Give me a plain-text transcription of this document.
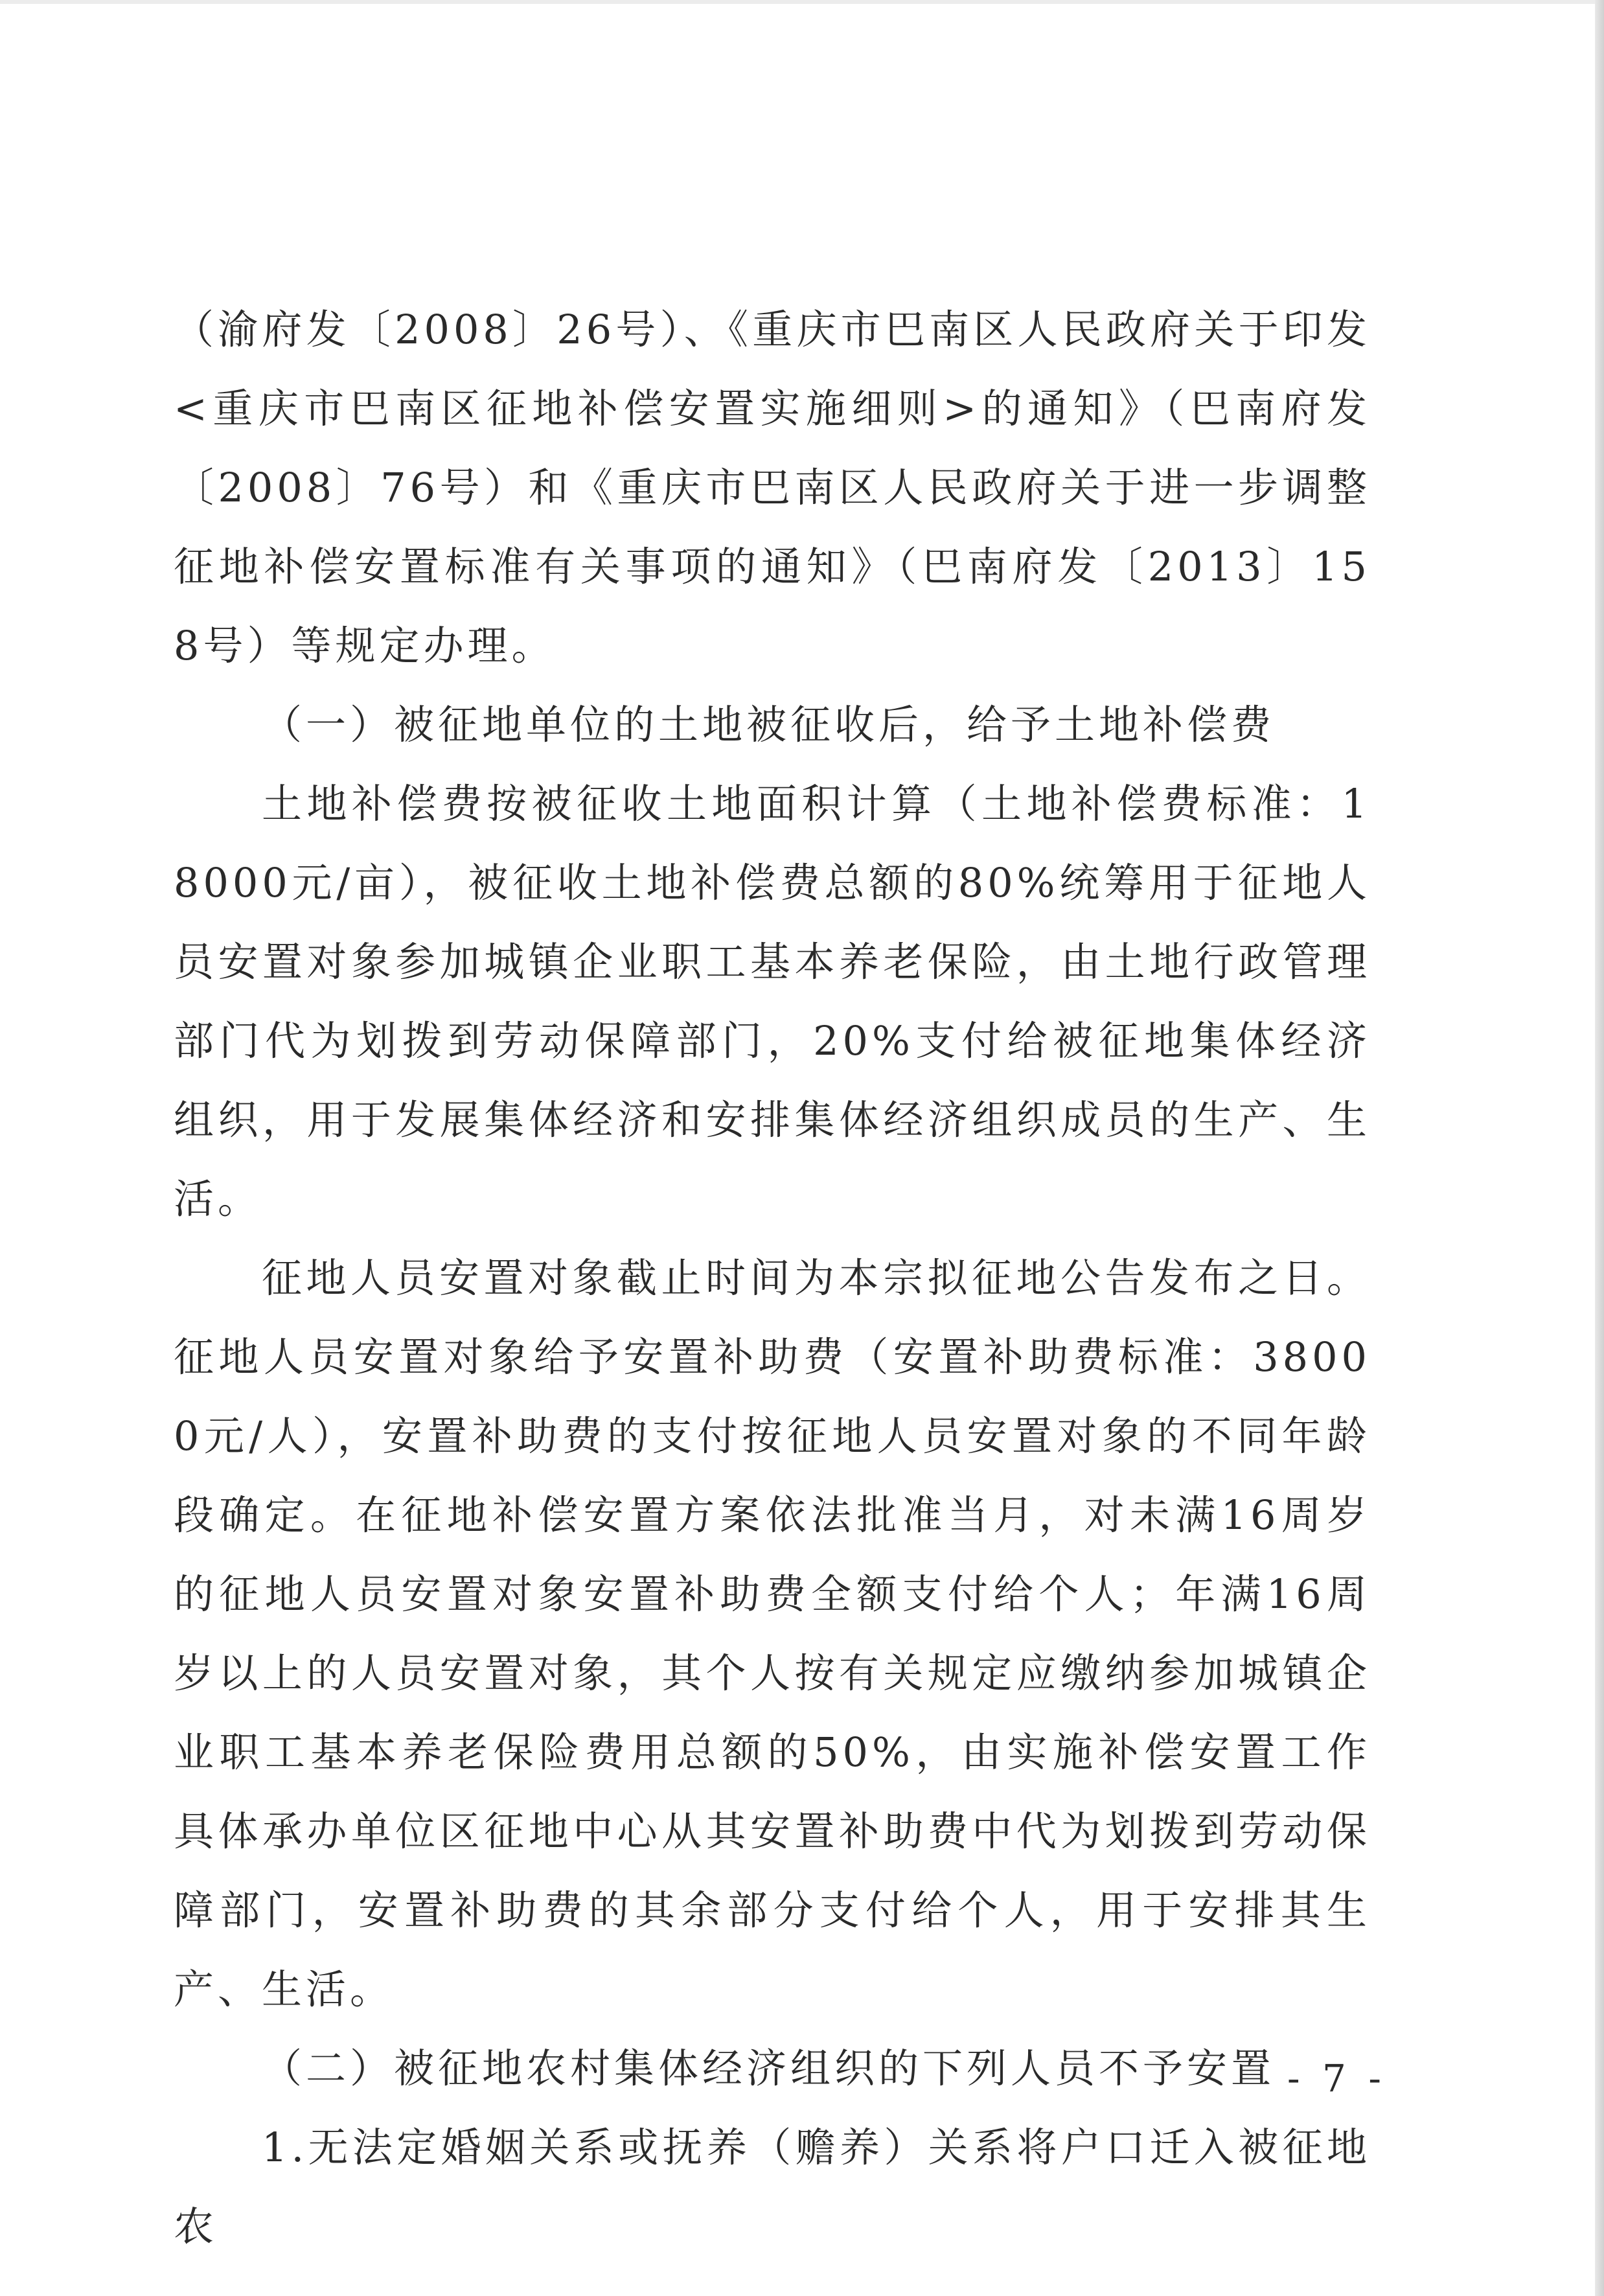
（渝府发〔2008〕26号）、《重庆市巴南区人民政府关于印发<重庆市巴南区征地补偿安置实施细则>的通知》（巴南府发〔2008〕76号）和《重庆市巴南区人民政府关于进一步调整征地补偿安置标准有关事项的通知》（巴南府发〔2013〕158号）等规定办理。

（一）被征地单位的土地被征收后，给予土地补偿费

土地补偿费按被征收土地面积计算（土地补偿费标准：18000元/亩），被征收土地补偿费总额的80%统筹用于征地人员安置对象参加城镇企业职工基本养老保险，由土地行政管理部门代为划拨到劳动保障部门，20%支付给被征地集体经济组织，用于发展集体经济和安排集体经济组织成员的生产、生活。

征地人员安置对象截止时间为本宗拟征地公告发布之日。征地人员安置对象给予安置补助费（安置补助费标准：38000元/人），安置补助费的支付按征地人员安置对象的不同年龄段确定。在征地补偿安置方案依法批准当月，对未满16周岁的征地人员安置对象安置补助费全额支付给个人；年满16周岁以上的人员安置对象，其个人按有关规定应缴纳参加城镇企业职工基本养老保险费用总额的50%，由实施补偿安置工作具体承办单位区征地中心从其安置补助费中代为划拨到劳动保障部门，安置补助费的其余部分支付给个人，用于安排其生产、生活。

（二）被征地农村集体经济组织的下列人员不予安置

1.无法定婚姻关系或抚养（赡养）关系将户口迁入被征地农

- 7 -
